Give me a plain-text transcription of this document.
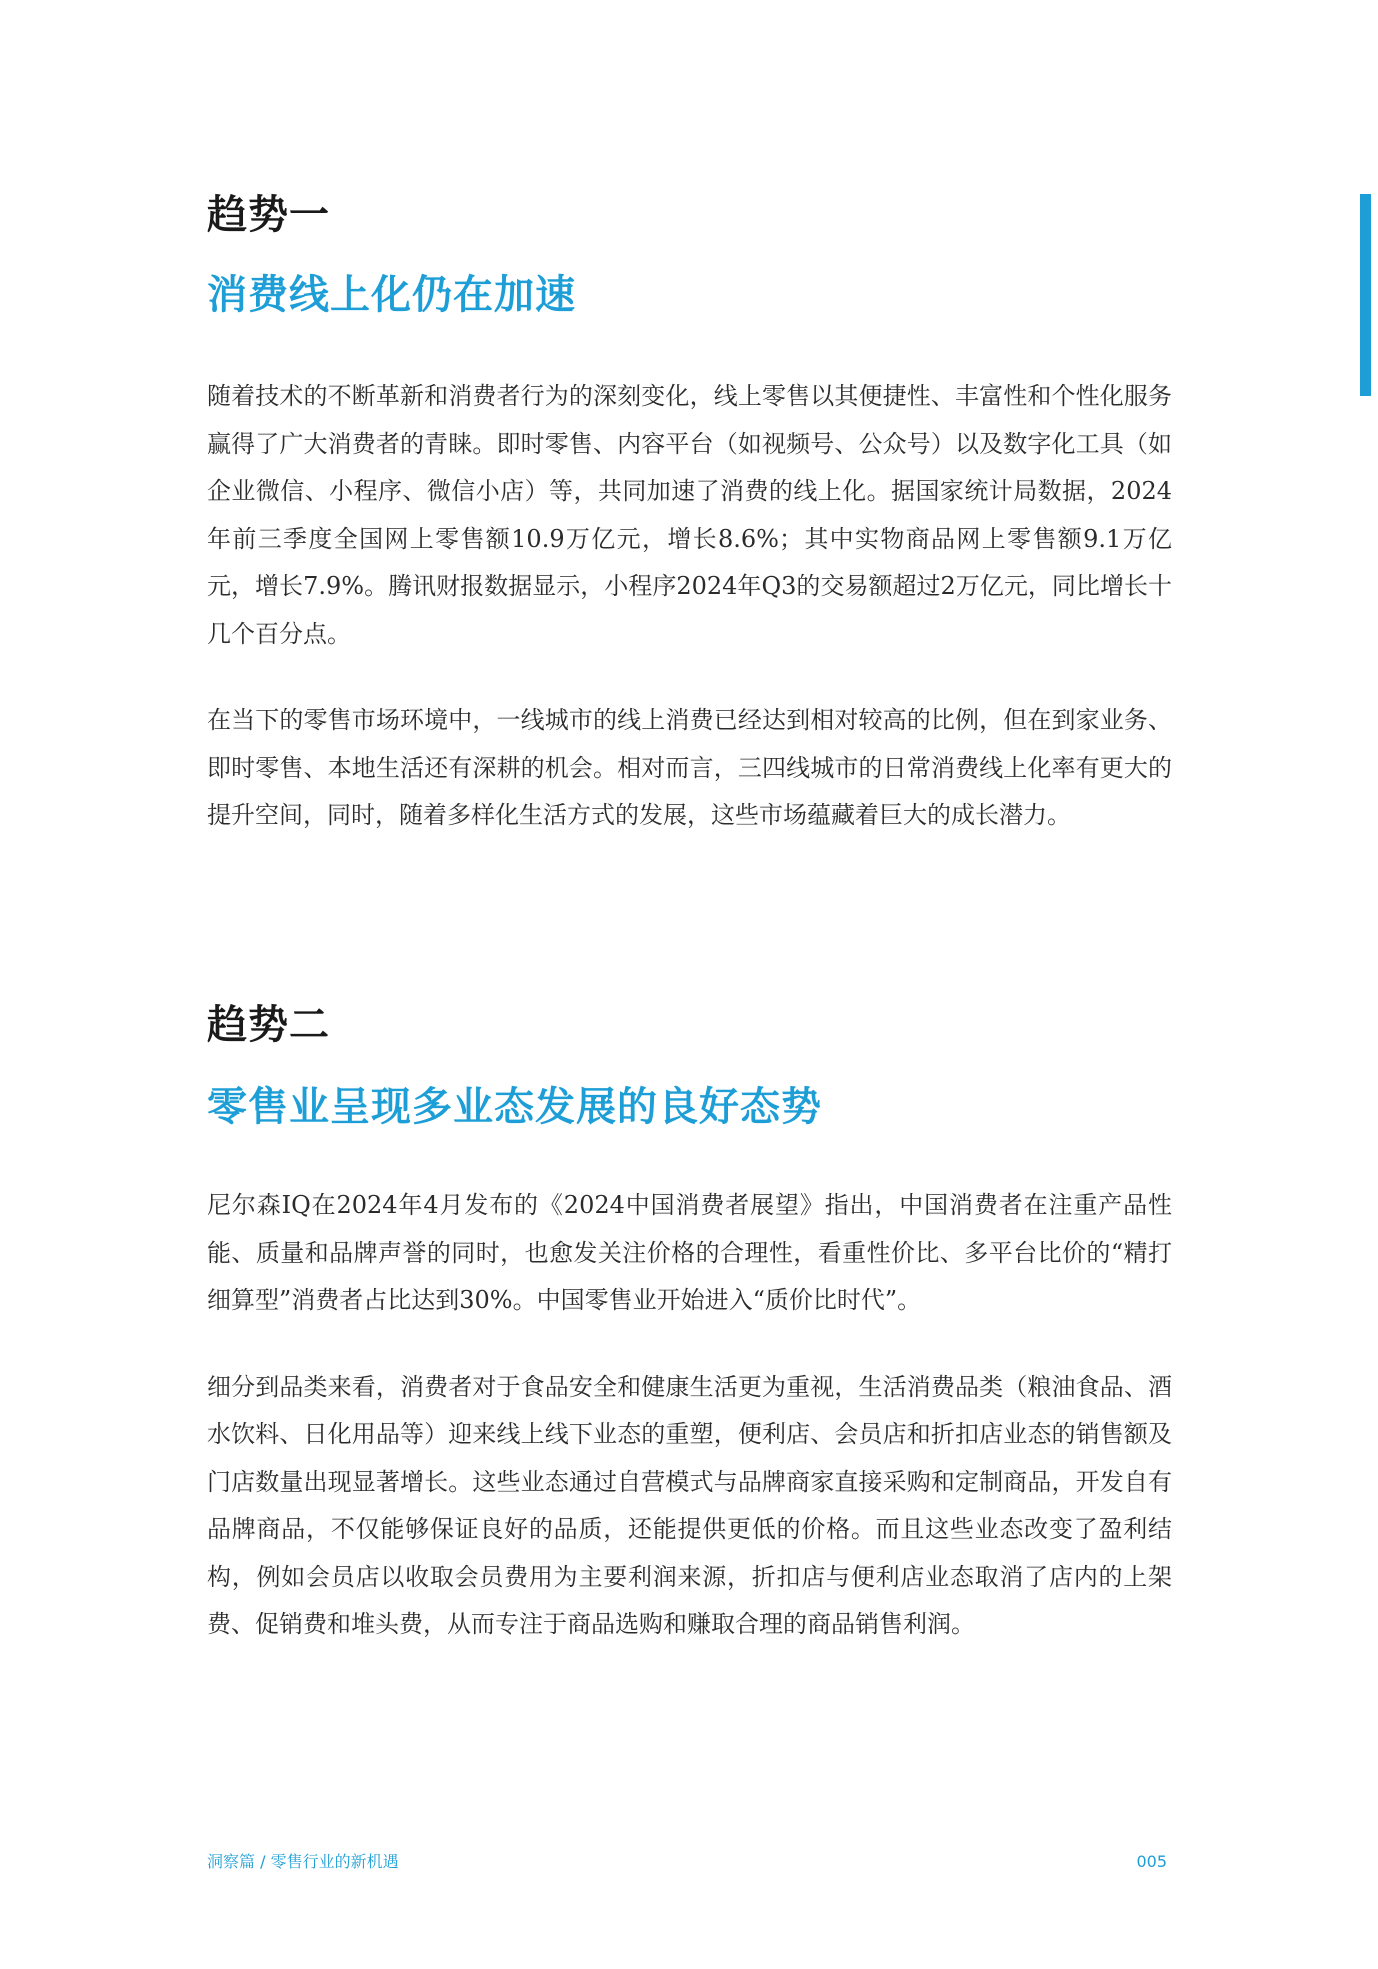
趋势一
消费线上化仍在加速

随着技术的不断革新和消费者行为的深刻变化，线上零售以其便捷性、丰富性和个性化服务赢得了广大消费者的青睐。即时零售、内容平台（如视频号、公众号）以及数字化工具（如企业微信、小程序、微信小店）等，共同加速了消费的线上化。据国家统计局数据，2024年前三季度全国网上零售额10.9万亿元，增长8.6%；其中实物商品网上零售额9.1万亿元，增长7.9%。腾讯财报数据显示，小程序2024年Q3的交易额超过2万亿元，同比增长十几个百分点。

在当下的零售市场环境中，一线城市的线上消费已经达到相对较高的比例，但在到家业务、即时零售、本地生活还有深耕的机会。相对而言，三四线城市的日常消费线上化率有更大的提升空间，同时，随着多样化生活方式的发展，这些市场蕴藏着巨大的成长潜力。

趋势二
零售业呈现多业态发展的良好态势

尼尔森IQ在2024年4月发布的《2024中国消费者展望》指出，中国消费者在注重产品性能、质量和品牌声誉的同时，也愈发关注价格的合理性，看重性价比、多平台比价的“精打细算型”消费者占比达到30%。中国零售业开始进入“质价比时代”。

细分到品类来看，消费者对于食品安全和健康生活更为重视，生活消费品类（粮油食品、酒水饮料、日化用品等）迎来线上线下业态的重塑，便利店、会员店和折扣店业态的销售额及门店数量出现显著增长。这些业态通过自营模式与品牌商家直接采购和定制商品，开发自有品牌商品，不仅能够保证良好的品质，还能提供更低的价格。而且这些业态改变了盈利结构，例如会员店以收取会员费用为主要利润来源，折扣店与便利店业态取消了店内的上架费、促销费和堆头费，从而专注于商品选购和赚取合理的商品销售利润。

洞察篇 / 零售行业的新机遇	005
